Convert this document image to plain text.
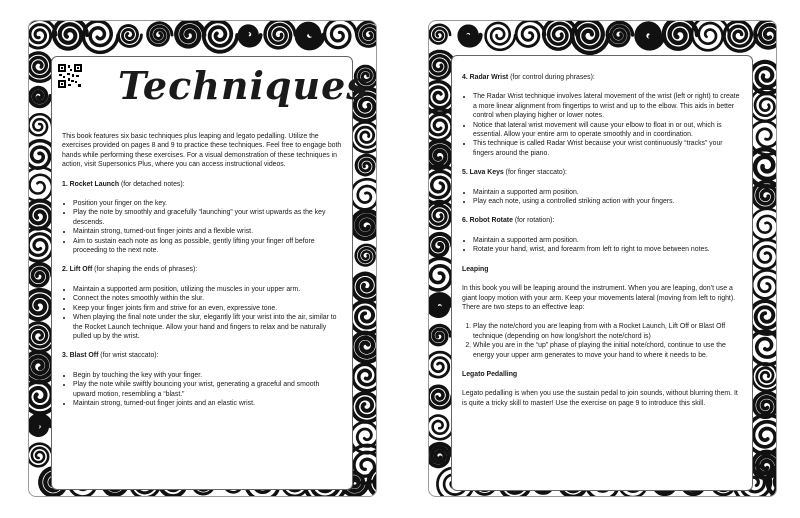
Techniques

This book features six basic techniques plus leaping and legato pedalling. Utilize the exercises provided on pages 8 and 9 to practice these techniques. Feel free to engage both hands while performing these exercises. For a visual demonstration of these techniques in action, visit Supersonics Plus, where you can access instructional videos.

1. Rocket Launch (for detached notes):
• Position your finger on the key.
• Play the note by smoothly and gracefully “launching” your wrist upwards as the key descends.
• Maintain strong, turned-out finger joints and a flexible wrist.
• Aim to sustain each note as long as possible, gently lifting your finger off before proceeding to the next note.
2. Lift Off (for shaping the ends of phrases):
• Maintain a supported arm position, utilizing the muscles in your upper arm.
• Connect the notes smoothly within the slur.
• Keep your finger joints firm and strive for an even, expressive tone.
• When playing the final note under the slur, elegantly lift your wrist into the air, similar to the Rocket Launch technique. Allow your hand and fingers to relax and be naturally pulled up by the wrist.
3. Blast Off (for wrist staccato):
• Begin by touching the key with your finger.
• Play the note while swiftly bouncing your wrist, generating a graceful and smooth upward motion, resembling a “blast.”
• Maintain strong, turned-out finger joints and an elastic wrist.
4. Radar Wrist (for control during phrases):
• The Radar Wrist technique involves lateral movement of the wrist (left or right) to create a more linear alignment from fingertips to wrist and up to the elbow. This aids in better control when playing higher or lower notes.
• Notice that lateral wrist movement will cause your elbow to float in or out, which is essential. Allow your entire arm to operate smoothly and in coordination.
• This technique is called Radar Wrist because your wrist continuously “tracks” your fingers around the piano.
5. Lava Keys (for finger staccato):
• Maintain a supported arm position.
• Play each note, using a controlled striking action with your fingers.
6. Robot Rotate (for rotation):
• Maintain a supported arm position.
• Rotate your hand, wrist, and forearm from left to right to move between notes.
Leaping

In this book you will be leaping around the instrument. When you are leaping, don’t use a giant loopy motion with your arm. Keep your movements lateral (moving from left to right). There are two steps to an effective leap:

1. Play the note/chord you are leaping from with a Rocket Launch, Lift Off or Blast Off technique (depending on how long/short the note/chord is)
2. While you are in the “up” phase of playing the initial note/chord, continue to use the energy your upper arm generates to move your hand to where it needs to be.
Legato Pedalling

Legato pedalling is when you use the sustain pedal to join sounds, without blurring them. It is quite a tricky skill to master! Use the exercise on page 9 to introduce this skill.
